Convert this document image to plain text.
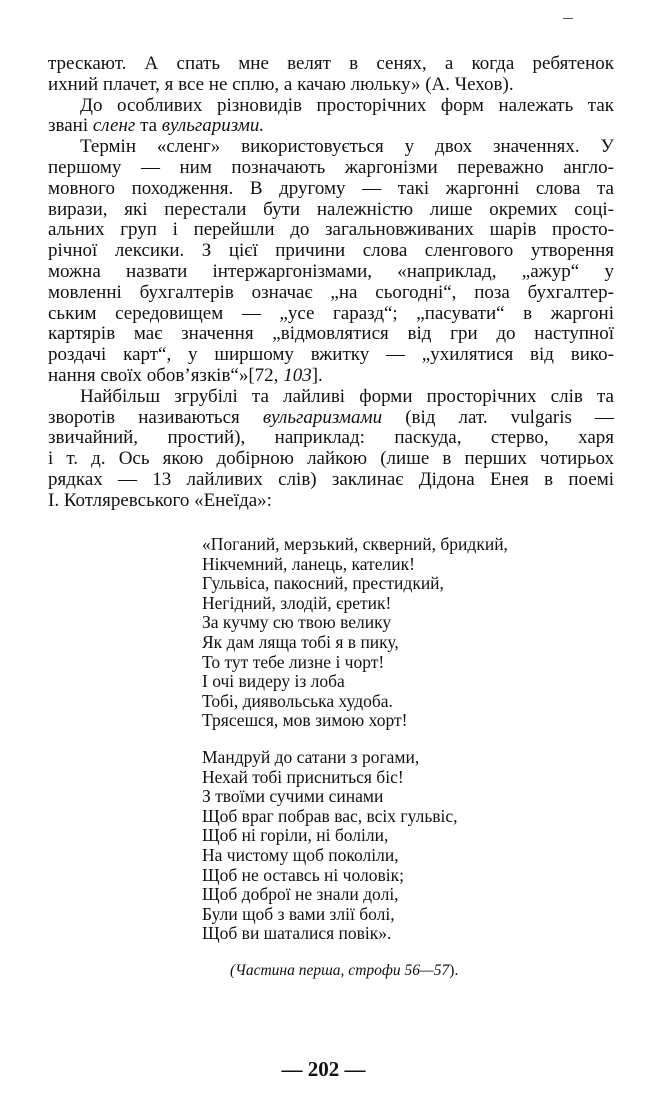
трескают. А спать мне велят в сенях, а когда ребятенок
ихний плачет, я все не сплю, а качаю люльку» (А. Чехов).
До особливих різновидів просторічних форм належать так
звані сленг та вульгаризми.
Термін «сленг» використовується у двох значеннях. У
першому — ним позначають жаргонізми переважно англо-
мовного походження. В другому — такі жаргонні слова та
вирази, які перестали бути належністю лише окремих соці-
альних груп і перейшли до загальновживаних шарів просто-
річної лексики. З цієї причини слова сленгового утворення
можна назвати інтержаргонізмами, «наприклад, „ажур“ у
мовленні бухгалтерів означає „на сьогодні“, поза бухгалтер-
ським середовищем — „усе гаразд“; „пасувати“ в жаргоні
картярів має значення „відмовлятися від гри до наступної
роздачі карт“, у ширшому вжитку — „ухилятися від вико-
нання своїх обов’язків“»[72, 103].
Найбільш згрубілі та лайливі форми просторічних слів та
зворотів називаються вульгаризмами (від лат. vulgaris —
звичайний, простий), наприклад: паскуда, стерво, харя
і т. д. Ось якою добірною лайкою (лише в перших чотирьох
рядках — 13 лайливих слів) заклинає Дідона Енея в поемі
І. Котляревського «Енеїда»:
«Поганий, мерзький, скверний, бридкий,
Нікчемний, ланець, кателик!
Гульвіса, пакосний, престидкий,
Негідний, злодій, єретик!
За кучму сю твою велику
Як дам ляща тобі я в пику,
То тут тебе лизне і чорт!
І очі видеру із лоба
Тобі, диявольська худоба.
Трясешся, мов зимою хорт!
Мандруй до сатани з рогами,
Нехай тобі присниться біс!
З твоїми сучими синами
Щоб враг побрав вас, всіх гульвіс,
Щоб ні горіли, ні боліли,
На чистому щоб поколіли,
Щоб не оставсь ні чоловік;
Щоб доброї не знали долі,
Були щоб з вами злії болі,
Щоб ви шаталися повік».
(Частина перша, строфи 56—57).
— 202 —
